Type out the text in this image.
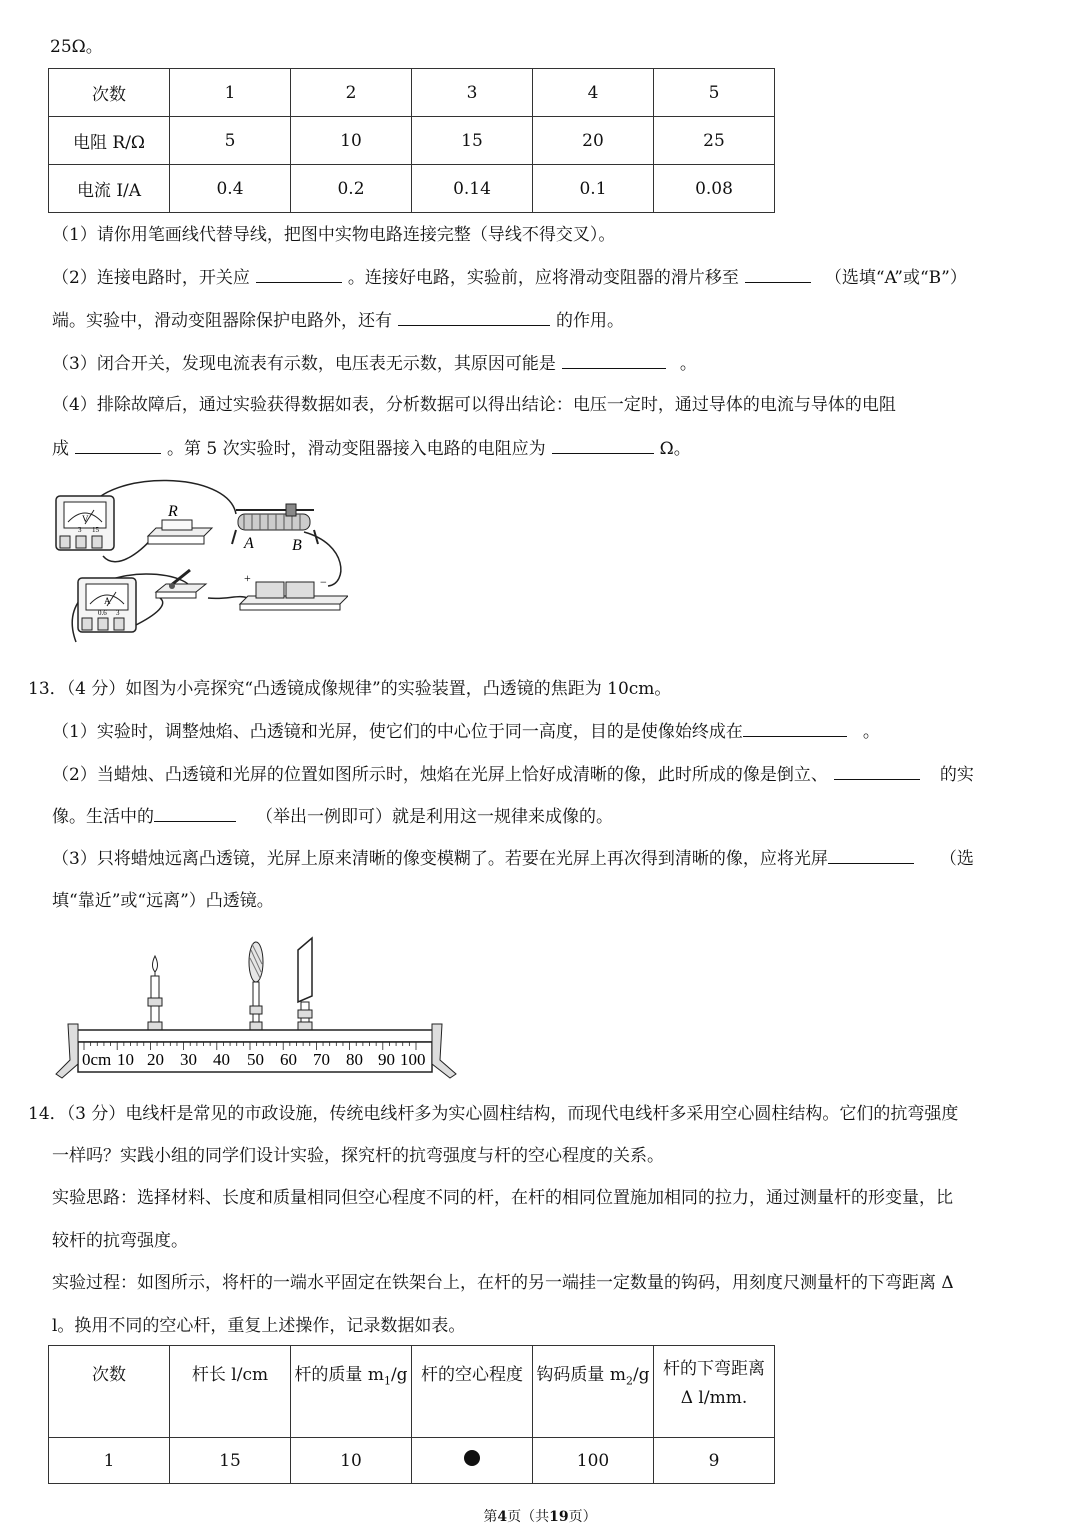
25Ω。
次数	1	2	3	4	5
电阻 R/Ω	5	10	15	20	25
电流 I/A	0.4	0.2	0.14	0.1	0.08
（1）请你用笔画线代替导线，把图中实物电路连接完整（导线不得交叉）。
（2）连接电路时，开关应	。连接好电路，实验前，应将滑动变阻器的滑片移至	（选填“A”或“B”）
端。实验中，滑动变阻器除保护电路外，还有	的作用。
（3）闭合开关，发现电流表有示数，电压表无示数，其原因可能是	。
（4）排除故障后，通过实验获得数据如表，分析数据可以得出结论：电压一定时，通过导体的电流与导体的电阻
成	。第 5 次实验时，滑动变阻器接入电路的电阻应为	Ω。
V
3 15
R
A B
+	−
A
0.6 3
13．（4 分）如图为小亮探究“凸透镜成像规律”的实验装置，凸透镜的焦距为 10cm。
（1）实验时，调整烛焰、凸透镜和光屏，使它们的中心位于同一高度，目的是使像始终成在	。
（2）当蜡烛、凸透镜和光屏的位置如图所示时，烛焰在光屏上恰好成清晰的像，此时所成的像是倒立、	的实
像。生活中的	（举出一例即可）就是利用这一规律来成像的。
（3）只将蜡烛远离凸透镜，光屏上原来清晰的像变模糊了。若要在光屏上再次得到清晰的像，应将光屏	（选
填“靠近”或“远离”）凸透镜。
0cm 10 20 30 40 50 60 70 80 90 100
14．（3 分）电线杆是常见的市政设施，传统电线杆多为实心圆柱结构，而现代电线杆多采用空心圆柱结构。它们的抗弯强度
一样吗？实践小组的同学们设计实验，探究杆的抗弯强度与杆的空心程度的关系。
实验思路：选择材料、长度和质量相同但空心程度不同的杆，在杆的相同位置施加相同的拉力，通过测量杆的形变量，比
较杆的抗弯强度。
实验过程：如图所示，将杆的一端水平固定在铁架台上，在杆的另一端挂一定数量的钩码，用刻度尺测量杆的下弯距离 Δ
l。换用不同的空心杆，重复上述操作，记录数据如表。
次数	杆长 l/cm	杆的质量 $m_1/g$	杆的空心程度	钩码质量 $m_2/g$	杆的下弯距离
Δ l/mm.

1	15	10		100	9
第4页（共19页）
